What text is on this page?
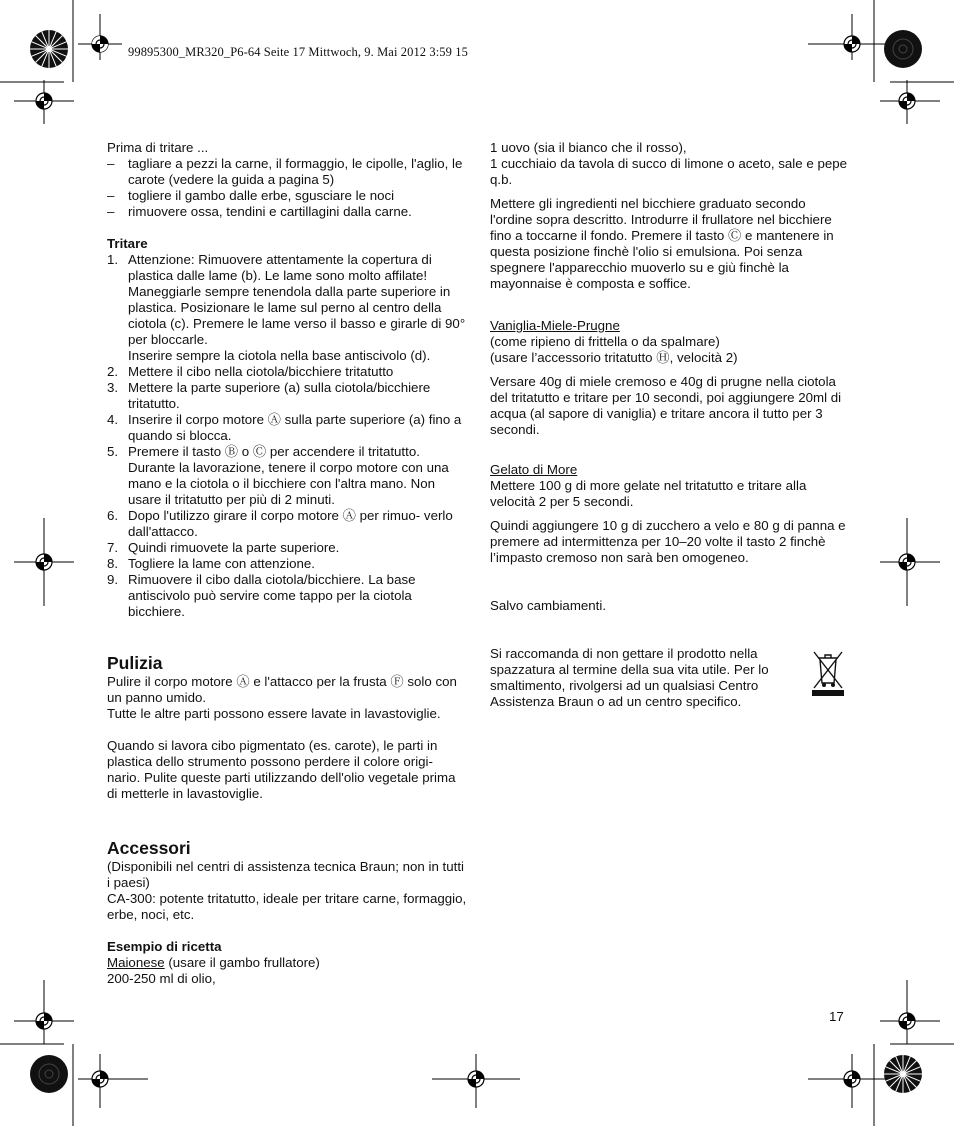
99895300_MR320_P6-64 Seite 17 Mittwoch, 9. Mai 2012 3:59 15

Prima di tritare ...

– tagliare a pezzi la carne, il formaggio, le cipolle, l'aglio, le carote (vedere la guida a pagina 5)
– togliere il gambo dalle erbe, sgusciare le noci
– rimuovere ossa, tendini e cartillagini dalla carne.

Tritare

1. Attenzione: Rimuovere attentamente la copertura di plastica dalle lame (b). Le lame sono molto affilate! Maneggiarle sempre tenendola dalla parte superiore in plastica. Posizionare le lame sul perno al centro della ciotola (c). Premere le lame verso il basso e girarle di 90° per bloccarle.
Inserire sempre la ciotola nella base antiscivolo (d).
2. Mettere il cibo nella ciotola/bicchiere tritatutto
3. Mettere la parte superiore (a) sulla ciotola/bicchiere tritatutto.
4. Inserire il corpo motore Ⓐ sulla parte superiore (a) fino a quando si blocca.
5. Premere il tasto Ⓑ o Ⓒ per accendere il tritatutto. Durante la lavorazione, tenere il corpo motore con una mano e la ciotola o il bicchiere con l'altra mano. Non usare il tritatutto per più di 2 minuti.
6. Dopo l'utilizzo girare il corpo motore Ⓐ per rimuo- verlo dall'attacco.
7. Quindi rimuovete la parte superiore.
8. Togliere la lame con attenzione.
9. Rimuovere il cibo dalla ciotola/bicchiere. La base antiscivolo può servire come tappo per la ciotola bicchiere.

Pulizia

Pulire il corpo motore Ⓐ e l'attacco per la frusta Ⓕ solo con un panno umido.

Tutte le altre parti possono essere lavate in lavastoviglie.

Quando si lavora cibo pigmentato (es. carote), le parti in plastica dello strumento possono perdere il colore origi- nario. Pulite queste parti utilizzando dell'olio vegetale prima di metterle in lavastoviglie.

Accessori

(Disponibili nel centri di assistenza tecnica Braun; non in tutti i paesi)

CA-300: potente tritatutto, ideale per tritare carne, formaggio, erbe, noci, etc.

Esempio di ricetta

Maionese (usare il gambo frullatore)

200-250 ml di olio,

1 uovo (sia il bianco che il rosso),

1 cucchiaio da tavola di succo di limone o aceto, sale e pepe q.b.

Mettere gli ingredienti nel bicchiere graduato secondo l'ordine sopra descritto. Introdurre il frullatore nel bicchiere fino a toccarne il fondo. Premere il tasto Ⓒ e mantenere in questa posizione finchè l'olio si emulsiona. Poi senza spegnere l'apparecchio muoverlo su e giù finchè la mayonnaise è composta e soffice.

Vaniglia-Miele-Prugne

(come ripieno di frittella o da spalmare)

(usare l’accessorio tritatutto Ⓗ, velocità 2)

Versare 40g di miele cremoso e 40g di prugne nella ciotola del tritatutto e tritare per 10 secondi, poi aggiungere 20ml di acqua (al sapore di vaniglia) e tritare ancora il tutto per 3 secondi.

Gelato di More

Mettere 100 g di more gelate nel tritatutto e tritare alla velocità 2 per 5 secondi.

Quindi aggiungere 10 g di zucchero a velo e 80 g di panna e premere ad intermittenza per 10–20 volte il tasto 2 finchè l’impasto cremoso non sarà ben omogeneo.

Salvo cambiamenti.

Si raccomanda di non gettare il prodotto nella spazzatura al termine della sua vita utile. Per lo smaltimento, rivolgersi ad un qualsiasi Centro Assistenza Braun o ad un centro specifico.

17
